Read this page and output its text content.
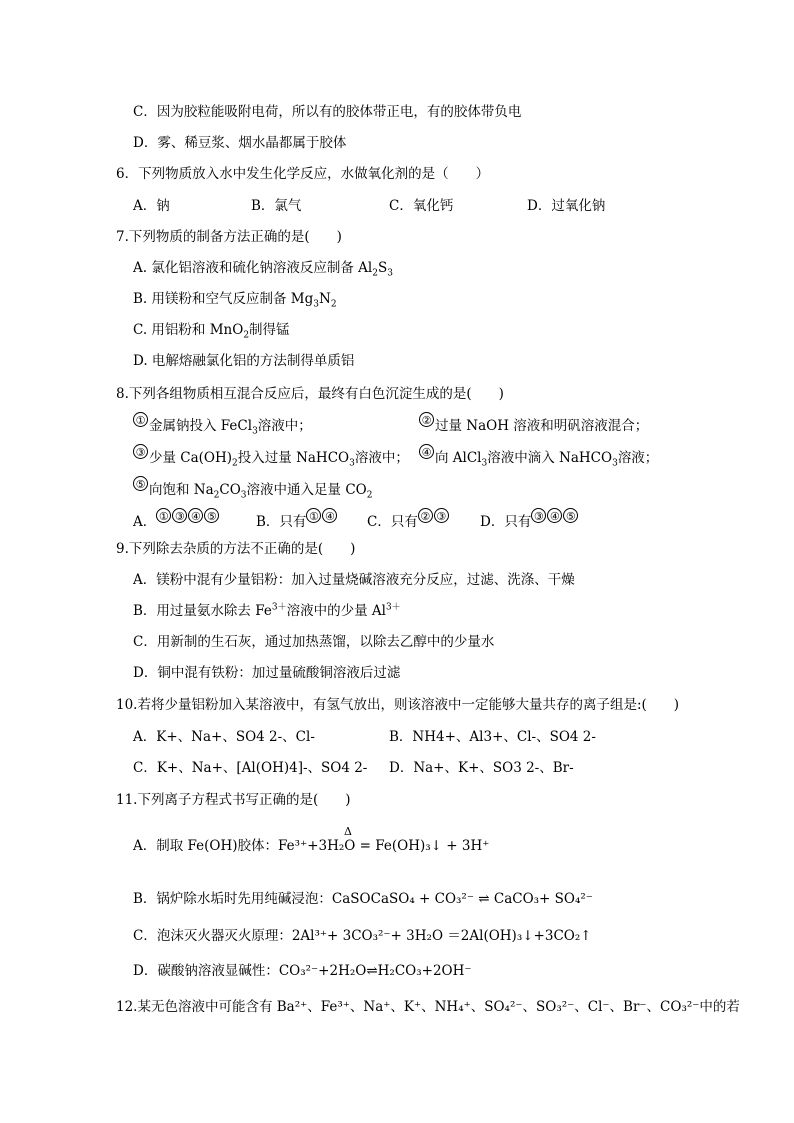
C．因为胶粒能吸附电荷，所以有的胶体带正电，有的胶体带负电
D．雾、稀豆浆、烟水晶都属于胶体
6．下列物质放入水中发生化学反应，水做氧化剂的是（　　）
A．钠	B．氯气	C．氧化钙	D．过氧化钠
7.下列物质的制备方法正确的是(　　)
A. 氯化铝溶液和硫化钠溶液反应制备 $Al_2S_3$
B. 用镁粉和空气反应制备 $Mg_3N_2$
C. 用铝粉和 MnO$_2$制得锰
D. 电解熔融氯化铝的方法制得单质铝
8.下列各组物质相互混合反应后，最终有白色沉淀生成的是(　　)
① 金属钠投入 FeCl$_3$溶液中；	② 过量 NaOH 溶液和明矾溶液混合；
③ 少量 $Ca(OH)_2$投入过量 NaHCO$_3$溶液中； ④ 向 AlCl$_3$溶液中滴入 NaHCO$_3$溶液；
⑤ 向饱和 $Na_2CO_3$溶液中通入足量 $CO_2$
A． ① ③ ④ ⑤	B．只有 ① ④ C．只有 ② ③ D．只有 ③ ④ ⑤
9.下列除去杂质的方法不正确的是(　　)
A．镁粉中混有少量铝粉：加入过量烧碱溶液充分反应，过滤、洗涤、干燥
B．用过量氨水除去 $Fe^{3+}$溶液中的少量 $Al^{3+}$
C．用新制的生石灰，通过加热蒸馏，以除去乙醇中的少量水
D．铜中混有铁粉：加过量硫酸铜溶液后过滤
10.若将少量铝粉加入某溶液中，有氢气放出，则该溶液中一定能够大量共存的离子组是:(　　)
A．K+、Na+、SO4 2-、Cl-	B．NH4+、Al3+、Cl-、SO4 2-
C．K+、Na+、[Al(OH)4]-、SO4 2- D．Na+、K+、SO3 2-、Br-
11.下列离子方程式书写正确的是(　　)
Δ
A．制取 Fe(OH)胶体：Fe³⁺+3H₂O = Fe(OH)₃↓ + 3H⁺
B．锅炉除水垢时先用纯碱浸泡：CaSOCaSO₄ + CO₃²⁻ ⇌ CaCO₃+ SO₄²⁻
C．泡沫灭火器灭火原理：2Al³⁺+ 3CO₃²⁻+ 3H₂O ＝2Al(OH)₃↓+3CO₂↑
D．碳酸钠溶液显碱性：CO₃²⁻+2H₂O⇌H₂CO₃+2OH⁻
12.某无色溶液中可能含有 Ba²⁺、Fe³⁺、Na⁺、K⁺、NH₄⁺、SO₄²⁻、SO₃²⁻、Cl⁻、Br⁻、CO₃²⁻中的若
